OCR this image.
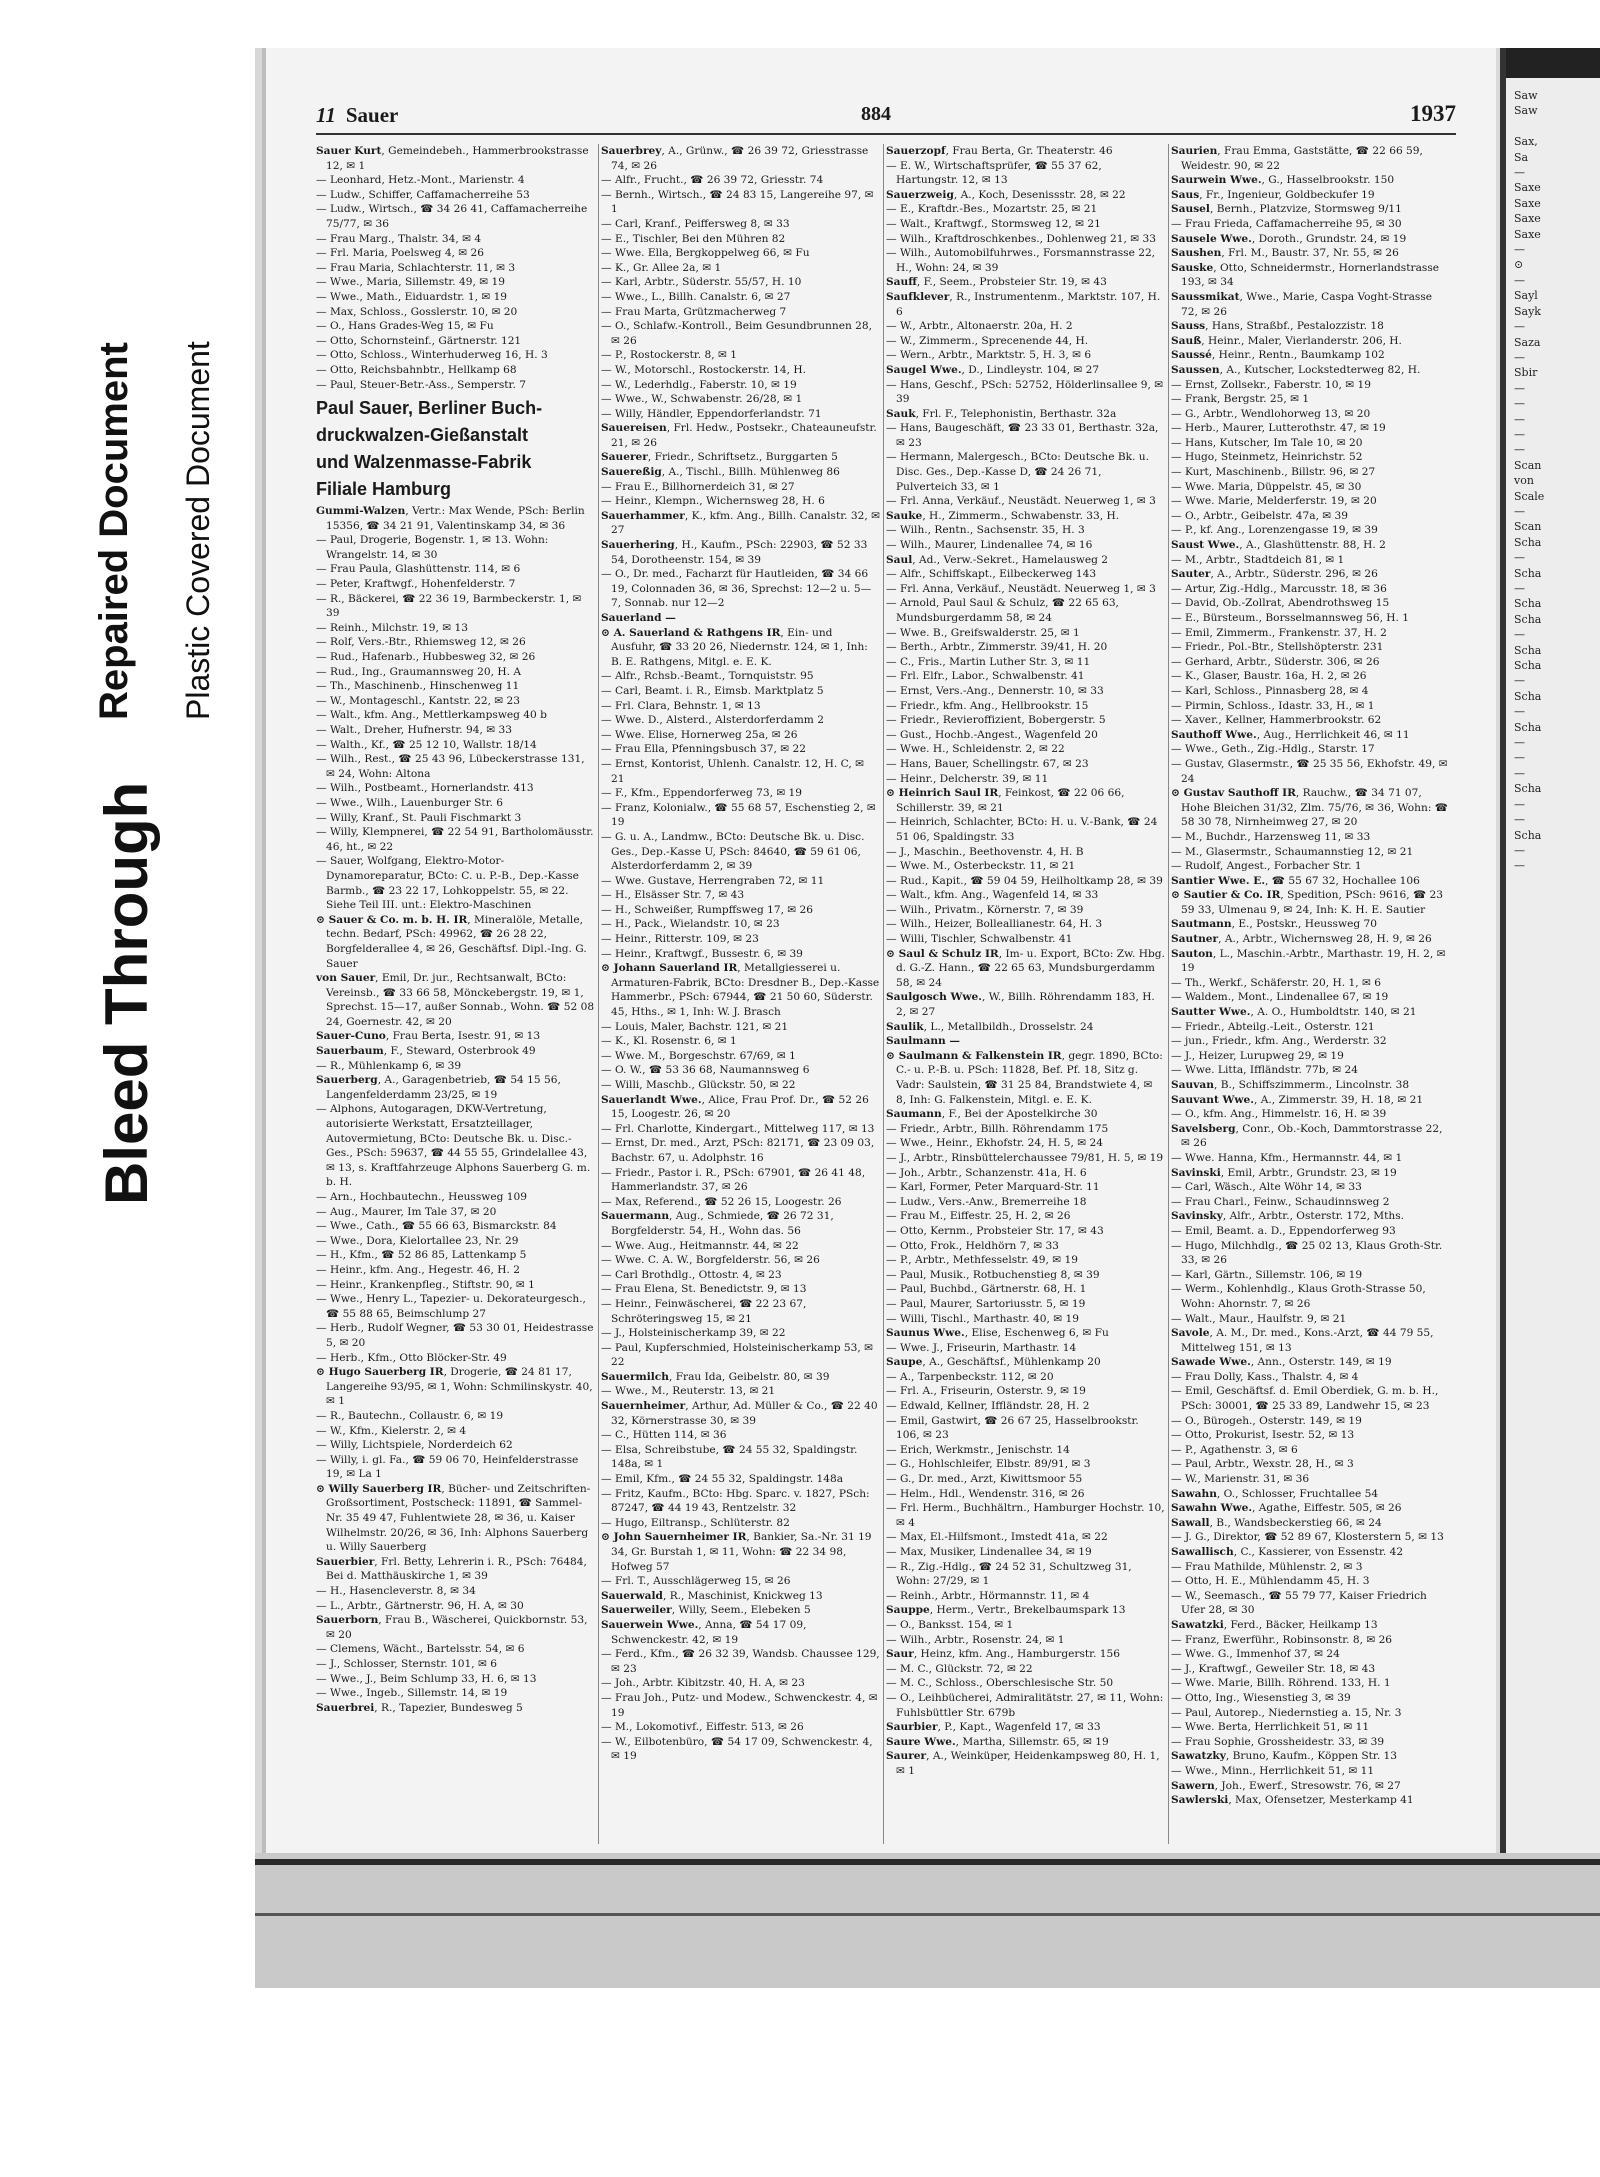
Bleed Through
Repaired Document Plastic Covered Document
11 Sauer	884	1937
Sauer Kurt, Gemeindebeh., Hammerbrookstrasse 12, ✉ 1
— Leonhard, Hetz.-Mont., Marienstr. 4
— Ludw., Schiffer, Caffamacherreihe 53
— Ludw., Wirtsch., ☎ 34 26 41, Caffamacherreihe 75/77, ✉ 36
— Frau Marg., Thalstr. 34, ✉ 4
— Frl. Maria, Poelsweg 4, ✉ 26
— Frau Maria, Schlachterstr. 11, ✉ 3
— Wwe., Maria, Sillemstr. 49, ✉ 19
— Wwe., Math., Eiduardstr. 1, ✉ 19
— Max, Schloss., Gosslerstr. 10, ✉ 20
— O., Hans Grades-Weg 15, ✉ Fu
— Otto, Schornsteinf., Gärtnerstr. 121
— Otto, Schloss., Winterhuderweg 16, H. 3
— Otto, Reichsbahnbtr., Hellkamp 68
— Paul, Steuer-Betr.-Ass., Semperstr. 7
Paul Sauer, Berliner Buch-
druckwalzen-Gießanstalt
und Walzenmasse-Fabrik
Filiale Hamburg
Gummi-Walzen, Vertr.: Max Wende, PSch: Berlin 15356, ☎ 34 21 91, Valentinskamp 34, ✉ 36
— Paul, Drogerie, Bogenstr. 1, ✉ 13. Wohn: Wrangelstr. 14, ✉ 30
— Frau Paula, Glashüttenstr. 114, ✉ 6
— Peter, Kraftwgf., Hohenfelderstr. 7
— R., Bäckerei, ☎ 22 36 19, Barmbeckerstr. 1, ✉ 39
— Reinh., Milchstr. 19, ✉ 13
— Rolf, Vers.-Btr., Rhiemsweg 12, ✉ 26
— Rud., Hafenarb., Hubbesweg 32, ✉ 26
— Rud., Ing., Graumannsweg 20, H. A
— Th., Maschinenb., Hinschenweg 11
— W., Montageschl., Kantstr. 22, ✉ 23
— Walt., kfm. Ang., Mettlerkampsweg 40 b
— Walt., Dreher, Hufnerstr. 94, ✉ 33
— Walth., Kf., ☎ 25 12 10, Wallstr. 18/14
— Wilh., Rest., ☎ 25 43 96, Lübeckerstrasse 131, ✉ 24, Wohn: Altona
— Wilh., Postbeamt., Hornerlandstr. 413
— Wwe., Wilh., Lauenburger Str. 6
— Willy, Kranf., St. Pauli Fischmarkt 3
— Willy, Klempnerei, ☎ 22 54 91, Bartholomäusstr. 46, ht., ✉ 22
— Sauer, Wolfgang, Elektro-Motor-Dynamoreparatur, BCto: C. u. P.-B., Dep.-Kasse Barmb., ☎ 23 22 17, Lohkoppelstr. 55, ✉ 22. Siehe Teil III. unt.: Elektro-Maschinen
⊙ Sauer & Co. m. b. H. IR, Mineralöle, Metalle, techn. Bedarf, PSch: 49962, ☎ 26 28 22, Borgfelderallee 4, ✉ 26, Geschäftsf. Dipl.-Ing. G. Sauer
von Sauer, Emil, Dr. jur., Rechtsanwalt, BCto: Vereinsb., ☎ 33 66 58, Mönckebergstr. 19, ✉ 1, Sprechst. 15—17, außer Sonnab., Wohn. ☎ 52 08 24, Goernestr. 42, ✉ 20
Sauer-Cuno, Frau Berta, Isestr. 91, ✉ 13
Sauerbaum, F., Steward, Osterbrook 49
— R., Mühlenkamp 6, ✉ 39
Sauerberg, A., Garagenbetrieb, ☎ 54 15 56, Langenfelderdamm 23/25, ✉ 19
— Alphons, Autogaragen, DKW-Vertretung, autorisierte Werkstatt, Ersatzteillager, Autovermietung, BCto: Deutsche Bk. u. Disc.-Ges., PSch: 59637, ☎ 44 55 55, Grindelallee 43, ✉ 13, s. Kraftfahrzeuge Alphons Sauerberg G. m. b. H.
— Arn., Hochbautechn., Heussweg 109
— Aug., Maurer, Im Tale 37, ✉ 20
— Wwe., Cath., ☎ 55 66 63, Bismarckstr. 84
— Wwe., Dora, Kielortallee 23, Nr. 29
— H., Kfm., ☎ 52 86 85, Lattenkamp 5
— Heinr., kfm. Ang., Hegestr. 46, H. 2
— Heinr., Krankenpfleg., Stiftstr. 90, ✉ 1
— Wwe., Henry L., Tapezier- u. Dekorateurgesch., ☎ 55 88 65, Beimschlump 27
— Herb., Rudolf Wegner, ☎ 53 30 01, Heidestrasse 5, ✉ 20
— Herb., Kfm., Otto Blöcker-Str. 49
⊙ Hugo Sauerberg IR, Drogerie, ☎ 24 81 17, Langereihe 93/95, ✉ 1, Wohn: Schmilinskystr. 40, ✉ 1
— R., Bautechn., Collaustr. 6, ✉ 19
— W., Kfm., Kielerstr. 2, ✉ 4
— Willy, Lichtspiele, Norderdeich 62
— Willy, i. gl. Fa., ☎ 59 06 70, Heinfelderstrasse 19, ✉ La 1
⊙ Willy Sauerberg IR, Bücher- und Zeitschriften-Großsortiment, Postscheck: 11891, ☎ Sammel-Nr. 35 49 47, Fuhlentwiete 28, ✉ 36, u. Kaiser Wilhelmstr. 20/26, ✉ 36, Inh: Alphons Sauerberg u. Willy Sauerberg
Sauerbier, Frl. Betty, Lehrerin i. R., PSch: 76484, Bei d. Matthäuskirche 1, ✉ 39
— H., Hasencleverstr. 8, ✉ 34
— L., Arbtr., Gärtnerstr. 96, H. A, ✉ 30
Sauerborn, Frau B., Wäscherei, Quickbornstr. 53, ✉ 20
— Clemens, Wächt., Bartelsstr. 54, ✉ 6
— J., Schlosser, Sternstr. 101, ✉ 6
— Wwe., J., Beim Schlump 33, H. 6, ✉ 13
— Wwe., Ingeb., Sillemstr. 14, ✉ 19
Sauerbrei, R., Tapezier, Bundesweg 5
Sauerbrey, A., Grünw., ☎ 26 39 72, Griesstrasse 74, ✉ 26
— Alfr., Frucht., ☎ 26 39 72, Griesstr. 74
— Bernh., Wirtsch., ☎ 24 83 15, Langereihe 97, ✉ 1
— Carl, Kranf., Peiffersweg 8, ✉ 33
— E., Tischler, Bei den Mühren 82
— Wwe. Ella, Bergkoppelweg 66, ✉ Fu
— K., Gr. Allee 2a, ✉ 1
— Karl, Arbtr., Süderstr. 55/57, H. 10
— Wwe., L., Billh. Canalstr. 6, ✉ 27
— Frau Marta, Grützmacherweg 7
— O., Schlafw.-Kontroll., Beim Gesundbrunnen 28, ✉ 26
— P., Rostockerstr. 8, ✉ 1
— W., Motorschl., Rostockerstr. 14, H.
— W., Lederhdlg., Faberstr. 10, ✉ 19
— Wwe., W., Schwabenstr. 26/28, ✉ 1
— Willy, Händler, Eppendorferlandstr. 71
Sauereisen, Frl. Hedw., Postsekr., Chateauneufstr. 21, ✉ 26
Sauerer, Friedr., Schriftsetz., Burggarten 5
Sauereßig, A., Tischl., Billh. Mühlenweg 86
— Frau E., Billhornerdeich 31, ✉ 27
— Heinr., Klempn., Wichernsweg 28, H. 6
Sauerhammer, K., kfm. Ang., Billh. Canalstr. 32, ✉ 27
Sauerhering, H., Kaufm., PSch: 22903, ☎ 52 33 54, Dorotheenstr. 154, ✉ 39
— O., Dr. med., Facharzt für Hautleiden, ☎ 34 66 19, Colonnaden 36, ✉ 36, Sprechst: 12—2 u. 5—7, Sonnab. nur 12—2
Sauerland —
⊙ A. Sauerland & Rathgens IR, Ein- und Ausfuhr, ☎ 33 20 26, Niedernstr. 124, ✉ 1, Inh: B. E. Rathgens, Mitgl. e. E. K.
— Alfr., Rchsb.-Beamt., Tornquiststr. 95
— Carl, Beamt. i. R., Eimsb. Marktplatz 5
— Frl. Clara, Behnstr. 1, ✉ 13
— Wwe. D., Alsterd., Alsterdorferdamm 2
— Wwe. Elise, Hornerweg 25a, ✉ 26
— Frau Ella, Pfenningsbusch 37, ✉ 22
— Ernst, Kontorist, Uhlenh. Canalstr. 12, H. C, ✉ 21
— F., Kfm., Eppendorferweg 73, ✉ 19
— Franz, Kolonialw., ☎ 55 68 57, Eschenstieg 2, ✉ 19
— G. u. A., Landmw., BCto: Deutsche Bk. u. Disc. Ges., Dep.-Kasse U, PSch: 84640, ☎ 59 61 06, Alsterdorferdamm 2, ✉ 39
— Wwe. Gustave, Herrengraben 72, ✉ 11
— H., Elsässer Str. 7, ✉ 43
— H., Schweißer, Rumpffsweg 17, ✉ 26
— H., Pack., Wielandstr. 10, ✉ 23
— Heinr., Ritterstr. 109, ✉ 23
— Heinr., Kraftwgf., Bussestr. 6, ✉ 39
⊙ Johann Sauerland IR, Metallgiesserei u. Armaturen-Fabrik, BCto: Dresdner B., Dep.-Kasse Hammerbr., PSch: 67944, ☎ 21 50 60, Süderstr. 45, Hths., ✉ 1, Inh: W. J. Brasch
— Louis, Maler, Bachstr. 121, ✉ 21
— K., Kl. Rosenstr. 6, ✉ 1
— Wwe. M., Borgeschstr. 67/69, ✉ 1
— O. W., ☎ 53 36 68, Naumannsweg 6
— Willi, Maschb., Glückstr. 50, ✉ 22
Sauerlandt Wwe., Alice, Frau Prof. Dr., ☎ 52 26 15, Loogestr. 26, ✉ 20
— Frl. Charlotte, Kindergart., Mittelweg 117, ✉ 13
— Ernst, Dr. med., Arzt, PSch: 82171, ☎ 23 09 03, Bachstr. 67, u. Adolphstr. 16
— Friedr., Pastor i. R., PSch: 67901, ☎ 26 41 48, Hammerlandstr. 37, ✉ 26
— Max, Referend., ☎ 52 26 15, Loogestr. 26
Sauermann, Aug., Schmiede, ☎ 26 72 31, Borgfelderstr. 54, H., Wohn das. 56
— Wwe. Aug., Heitmannstr. 44, ✉ 22
— Wwe. C. A. W., Borgfelderstr. 56, ✉ 26
— Carl Brothdlg., Ottostr. 4, ✉ 23
— Frau Elena, St. Benedictstr. 9, ✉ 13
— Heinr., Feinwäscherei, ☎ 22 23 67, Schröteringsweg 15, ✉ 21
— J., Holsteinischerkamp 39, ✉ 22
— Paul, Kupferschmied, Holsteinischerkamp 53, ✉ 22
Sauermilch, Frau Ida, Geibelstr. 80, ✉ 39
— Wwe., M., Reuterstr. 13, ✉ 21
Sauernheimer, Arthur, Ad. Müller & Co., ☎ 22 40 32, Körnerstrasse 30, ✉ 39
— C., Hütten 114, ✉ 36
— Elsa, Schreibstube, ☎ 24 55 32, Spaldingstr. 148a, ✉ 1
— Emil, Kfm., ☎ 24 55 32, Spaldingstr. 148a
— Fritz, Kaufm., BCto: Hbg. Sparc. v. 1827, PSch: 87247, ☎ 44 19 43, Rentzelstr. 32
— Hugo, Eiltransp., Schlüterstr. 82
⊙ John Sauernheimer IR, Bankier, Sa.-Nr. 31 19 34, Gr. Burstah 1, ✉ 11, Wohn: ☎ 22 34 98, Hofweg 57
— Frl. T., Ausschlägerweg 15, ✉ 26
Sauerwald, R., Maschinist, Knickweg 13
Sauerweiler, Willy, Seem., Elebeken 5
Sauerwein Wwe., Anna, ☎ 54 17 09, Schwenckestr. 42, ✉ 19
— Ferd., Kfm., ☎ 26 32 39, Wandsb. Chaussee 129, ✉ 23
— Joh., Arbtr. Kibitzstr. 40, H. A, ✉ 23
— Frau Joh., Putz- und Modew., Schwenckestr. 4, ✉ 19
— M., Lokomotivf., Eiffestr. 513, ✉ 26
— W., Eilbotenbüro, ☎ 54 17 09, Schwenckestr. 4, ✉ 19
Sauerzopf, Frau Berta, Gr. Theaterstr. 46
— E. W., Wirtschaftsprüfer, ☎ 55 37 62, Hartungstr. 12, ✉ 13
Sauerzweig, A., Koch, Desenissstr. 28, ✉ 22
— E., Kraftdr.-Bes., Mozartstr. 25, ✉ 21
— Walt., Kraftwgf., Stormsweg 12, ✉ 21
— Wilh., Kraftdroschkenbes., Dohlenweg 21, ✉ 33
— Wilh., Automobilfuhrwes., Forsmannstrasse 22, H., Wohn: 24, ✉ 39
Sauff, F., Seem., Probsteier Str. 19, ✉ 43
Saufklever, R., Instrumentenm., Marktstr. 107, H. 6
— W., Arbtr., Altonaerstr. 20a, H. 2
— W., Zimmerm., Sprecenende 44, H.
— Wern., Arbtr., Marktstr. 5, H. 3, ✉ 6
Saugel Wwe., D., Lindleystr. 104, ✉ 27
— Hans, Geschf., PSch: 52752, Hölderlinsallee 9, ✉ 39
Sauk, Frl. F., Telephonistin, Berthastr. 32a
— Hans, Baugeschäft, ☎ 23 33 01, Berthastr. 32a, ✉ 23
— Hermann, Malergesch., BCto: Deutsche Bk. u. Disc. Ges., Dep.-Kasse D, ☎ 24 26 71, Pulverteich 33, ✉ 1
— Frl. Anna, Verkäuf., Neustädt. Neuerweg 1, ✉ 3
Sauke, H., Zimmerm., Schwabenstr. 33, H.
— Wilh., Rentn., Sachsenstr. 35, H. 3
— Wilh., Maurer, Lindenallee 74, ✉ 16
Saul, Ad., Verw.-Sekret., Hamelausweg 2
— Alfr., Schiffskapt., Eilbeckerweg 143
— Frl. Anna, Verkäuf., Neustädt. Neuerweg 1, ✉ 3
— Arnold, Paul Saul & Schulz, ☎ 22 65 63, Mundsburgerdamm 58, ✉ 24
— Wwe. B., Greifswalderstr. 25, ✉ 1
— Berth., Arbtr., Zimmerstr. 39/41, H. 20
— C., Fris., Martin Luther Str. 3, ✉ 11
— Frl. Elfr., Labor., Schwalbenstr. 41
— Ernst, Vers.-Ang., Dennerstr. 10, ✉ 33
— Friedr., kfm. Ang., Hellbrookstr. 15
— Friedr., Revieroffizient, Bobergerstr. 5
— Gust., Hochb.-Angest., Wagenfeld 20
— Wwe. H., Schleidenstr. 2, ✉ 22
— Hans, Bauer, Schellingstr. 67, ✉ 23
— Heinr., Delcherstr. 39, ✉ 11
⊙ Heinrich Saul IR, Feinkost, ☎ 22 06 66, Schillerstr. 39, ✉ 21
— Heinrich, Schlachter, BCto: H. u. V.-Bank, ☎ 24 51 06, Spaldingstr. 33
— J., Maschin., Beethovenstr. 4, H. B
— Wwe. M., Osterbeckstr. 11, ✉ 21
— Rud., Kapit., ☎ 59 04 59, Heilholtkamp 28, ✉ 39
— Walt., kfm. Ang., Wagenfeld 14, ✉ 33
— Wilh., Privatm., Körnerstr. 7, ✉ 39
— Wilh., Heizer, Bolleallianestr. 64, H. 3
— Willi, Tischler, Schwalbenstr. 41
⊙ Saul & Schulz IR, Im- u. Export, BCto: Zw. Hbg. d. G.-Z. Hann., ☎ 22 65 63, Mundsburgerdamm 58, ✉ 24
Saulgosch Wwe., W., Billh. Röhrendamm 183, H. 2, ✉ 27
Saulik, L., Metallbildh., Drosselstr. 24
Saulmann —
⊙ Saulmann & Falkenstein IR, gegr. 1890, BCto: C.- u. P.-B. u. PSch: 11828, Bef. Pf. 18, Sitz g. Vadr: Saulstein, ☎ 31 25 84, Brandstwiete 4, ✉ 8, Inh: G. Falkenstein, Mitgl. e. E. K.
Saumann, F., Bei der Apostelkirche 30
— Friedr., Arbtr., Billh. Röhrendamm 175
— Wwe., Heinr., Ekhofstr. 24, H. 5, ✉ 24
— J., Arbtr., Rinsbüttelerchaussee 79/81, H. 5, ✉ 19
— Joh., Arbtr., Schanzenstr. 41a, H. 6
— Karl, Former, Peter Marquard-Str. 11
— Ludw., Vers.-Anw., Bremerreihe 18
— Frau M., Eiffestr. 25, H. 2, ✉ 26
— Otto, Kernm., Probsteier Str. 17, ✉ 43
— Otto, Frok., Heldhörn 7, ✉ 33
— P., Arbtr., Methfesselstr. 49, ✉ 19
— Paul, Musik., Rotbuchenstieg 8, ✉ 39
— Paul, Buchbd., Gärtnerstr. 68, H. 1
— Paul, Maurer, Sartoriusstr. 5, ✉ 19
— Willi, Tischl., Marthastr. 40, ✉ 19
Saunus Wwe., Elise, Eschenweg 6, ✉ Fu
— Wwe. J., Friseurin, Marthastr. 14
Saupe, A., Geschäftsf., Mühlenkamp 20
— A., Tarpenbeckstr. 112, ✉ 20
— Frl. A., Friseurin, Osterstr. 9, ✉ 19
— Edwald, Kellner, Iffländstr. 28, H. 2
— Emil, Gastwirt, ☎ 26 67 25, Hasselbrookstr. 106, ✉ 23
— Erich, Werkmstr., Jenischstr. 14
— G., Hohlschleifer, Elbstr. 89/91, ✉ 3
— G., Dr. med., Arzt, Kiwittsmoor 55
— Helm., Hdl., Wendenstr. 316, ✉ 26
— Frl. Herm., Buchhältrn., Hamburger Hochstr. 10, ✉ 4
— Max, El.-Hilfsmont., Imstedt 41a, ✉ 22
— Max, Musiker, Lindenallee 34, ✉ 19
— R., Zig.-Hdlg., ☎ 24 52 31, Schultzweg 31, Wohn: 27/29, ✉ 1
— Reinh., Arbtr., Hörmannstr. 11, ✉ 4
Sauppe, Herm., Vertr., Brekelbaumspark 13
— O., Banksst. 154, ✉ 1
— Wilh., Arbtr., Rosenstr. 24, ✉ 1
Saur, Heinz, kfm. Ang., Hamburgerstr. 156
— M. C., Glückstr. 72, ✉ 22
— M. C., Schloss., Oberschlesische Str. 50
— O., Leihbücherei, Admiralitätstr. 27, ✉ 11, Wohn: Fuhlsbüttler Str. 679b
Saurbier, P., Kapt., Wagenfeld 17, ✉ 33
Saure Wwe., Martha, Sillemstr. 65, ✉ 19
Saurer, A., Weinküper, Heidenkampsweg 80, H. 1, ✉ 1
Saurien, Frau Emma, Gaststätte, ☎ 22 66 59, Weidestr. 90, ✉ 22
Saurwein Wwe., G., Hasselbrookstr. 150
Saus, Fr., Ingenieur, Goldbeckufer 19
Sausel, Bernh., Platzvize, Stormsweg 9/11
— Frau Frieda, Caffamacherreihe 95, ✉ 30
Sausele Wwe., Doroth., Grundstr. 24, ✉ 19
Saushen, Frl. M., Baustr. 37, Nr. 55, ✉ 26
Sauske, Otto, Schneidermstr., Hornerlandstrasse 193, ✉ 34
Saussmikat, Wwe., Marie, Caspa Voght-Strasse 72, ✉ 26
Sauss, Hans, Straßbf., Pestalozzistr. 18
Sauß, Heinr., Maler, Vierlanderstr. 206, H.
Saussé, Heinr., Rentn., Baumkamp 102
Saussen, A., Kutscher, Lockstedterweg 82, H.
— Ernst, Zollsekr., Faberstr. 10, ✉ 19
— Frank, Bergstr. 25, ✉ 1
— G., Arbtr., Wendlohorweg 13, ✉ 20
— Herb., Maurer, Lutterothstr. 47, ✉ 19
— Hans, Kutscher, Im Tale 10, ✉ 20
— Hugo, Steinmetz, Heinrichstr. 52
— Kurt, Maschinenb., Billstr. 96, ✉ 27
— Wwe. Maria, Düppelstr. 45, ✉ 30
— Wwe. Marie, Melderferstr. 19, ✉ 20
— O., Arbtr., Geibelstr. 47a, ✉ 39
— P., kf. Ang., Lorenzengasse 19, ✉ 39
Saust Wwe., A., Glashüttenstr. 88, H. 2
— M., Arbtr., Stadtdeich 81, ✉ 1
Sauter, A., Arbtr., Süderstr. 296, ✉ 26
— Artur, Zig.-Hdlg., Marcusstr. 18, ✉ 36
— David, Ob.-Zollrat, Abendrothsweg 15
— E., Bürsteum., Borsselmannsweg 56, H. 1
— Emil, Zimmerm., Frankenstr. 37, H. 2
— Friedr., Pol.-Btr., Stellshöpterstr. 231
— Gerhard, Arbtr., Süderstr. 306, ✉ 26
— K., Glaser, Baustr. 16a, H. 2, ✉ 26
— Karl, Schloss., Pinnasberg 28, ✉ 4
— Pirmin, Schloss., Idastr. 33, H., ✉ 1
— Xaver., Kellner, Hammerbrookstr. 62
Sauthoff Wwe., Aug., Herrlichkeit 46, ✉ 11
— Wwe., Geth., Zig.-Hdlg., Starstr. 17
— Gustav, Glasermstr., ☎ 25 35 56, Ekhofstr. 49, ✉ 24
⊙ Gustav Sauthoff IR, Rauchw., ☎ 34 71 07, Hohe Bleichen 31/32, Zlm. 75/76, ✉ 36, Wohn: ☎ 58 30 78, Nirnheimweg 27, ✉ 20
— M., Buchdr., Harzensweg 11, ✉ 33
— M., Glasermstr., Schaumannstieg 12, ✉ 21
— Rudolf, Angest., Forbacher Str. 1
Santier Wwe. E., ☎ 55 67 32, Hochallee 106
⊙ Sautier & Co. IR, Spedition, PSch: 9616, ☎ 23 59 33, Ulmenau 9, ✉ 24, Inh: K. H. E. Sautier
Sautmann, E., Postskr., Heussweg 70
Sautner, A., Arbtr., Wichernsweg 28, H. 9, ✉ 26
Sauton, L., Maschin.-Arbtr., Marthastr. 19, H. 2, ✉ 19
— Th., Werkf., Schäferstr. 20, H. 1, ✉ 6
— Waldem., Mont., Lindenallee 67, ✉ 19
Sautter Wwe., A. O., Humboldtstr. 140, ✉ 21
— Friedr., Abteilg.-Leit., Osterstr. 121
— jun., Friedr., kfm. Ang., Werderstr. 32
— J., Heizer, Lurupweg 29, ✉ 19
— Wwe. Litta, Iffländstr. 77b, ✉ 24
Sauvan, B., Schiffszimmerm., Lincolnstr. 38
Sauvant Wwe., A., Zimmerstr. 39, H. 18, ✉ 21
— O., kfm. Ang., Himmelstr. 16, H. ✉ 39
Savelsberg, Conr., Ob.-Koch, Dammtorstrasse 22, ✉ 26
— Wwe. Hanna, Kfm., Hermannstr. 44, ✉ 1
Savinski, Emil, Arbtr., Grundstr. 23, ✉ 19
— Carl, Wäsch., Alte Wöhr 14, ✉ 33
— Frau Charl., Feinw., Schaudinnsweg 2
Savinsky, Alfr., Arbtr., Osterstr. 172, Mths.
— Emil, Beamt. a. D., Eppendorferweg 93
— Hugo, Milchhdlg., ☎ 25 02 13, Klaus Groth-Str. 33, ✉ 26
— Karl, Gärtn., Sillemstr. 106, ✉ 19
— Werm., Kohlenhdlg., Klaus Groth-Strasse 50, Wohn: Ahornstr. 7, ✉ 26
— Walt., Maur., Haulfstr. 9, ✉ 21
Savole, A. M., Dr. med., Kons.-Arzt, ☎ 44 79 55, Mittelweg 151, ✉ 13
Sawade Wwe., Ann., Osterstr. 149, ✉ 19
— Frau Dolly, Kass., Thalstr. 4, ✉ 4
— Emil, Geschäftsf. d. Emil Oberdiek, G. m. b. H., PSch: 30001, ☎ 25 33 89, Landwehr 15, ✉ 23
— O., Bürogeh., Osterstr. 149, ✉ 19
— Otto, Prokurist, Isestr. 52, ✉ 13
— P., Agathenstr. 3, ✉ 6
— Paul, Arbtr., Wexstr. 28, H., ✉ 3
— W., Marienstr. 31, ✉ 36
Sawahn, O., Schlosser, Fruchtallee 54
Sawahn Wwe., Agathe, Eiffestr. 505, ✉ 26
Sawall, B., Wandsbeckerstieg 66, ✉ 24
— J. G., Direktor, ☎ 52 89 67, Klosterstern 5, ✉ 13
Sawallisch, C., Kassierer, von Essenstr. 42
— Frau Mathilde, Mühlenstr. 2, ✉ 3
— Otto, H. E., Mühlendamm 45, H. 3
— W., Seemasch., ☎ 55 79 77, Kaiser Friedrich Ufer 28, ✉ 30
Sawatzki, Ferd., Bäcker, Heilkamp 13
— Franz, Ewerführ., Robinsonstr. 8, ✉ 26
— Wwe. G., Immenhof 37, ✉ 24
— J., Kraftwgf., Geweiler Str. 18, ✉ 43
— Wwe. Marie, Billh. Röhrend. 133, H. 1
— Otto, Ing., Wiesenstieg 3, ✉ 39
— Paul, Autorep., Niedernstieg a. 15, Nr. 3
— Wwe. Berta, Herrlichkeit 51, ✉ 11
— Frau Sophie, Grossheidestr. 33, ✉ 39
Sawatzky, Bruno, Kaufm., Köppen Str. 13
— Wwe., Minn., Herrlichkeit 51, ✉ 11
Sawern, Joh., Ewerf., Stresowstr. 76, ✉ 27
Sawlerski, Max, Ofensetzer, Mesterkamp 41
Saw
Saw

Sax,
Sa
—
Saxe
Saxe
Saxe
Saxe
—
⊙
—
Sayl
Sayk
—
Saza
—
Sbir
—
—
—
—
—
Scan
von
Scale
—
Scan
Scha
—
Scha
—
Scha
Scha
—
Scha
Scha
—
Scha
—
Scha
—
—
—
Scha
—
—
Scha
—
—
